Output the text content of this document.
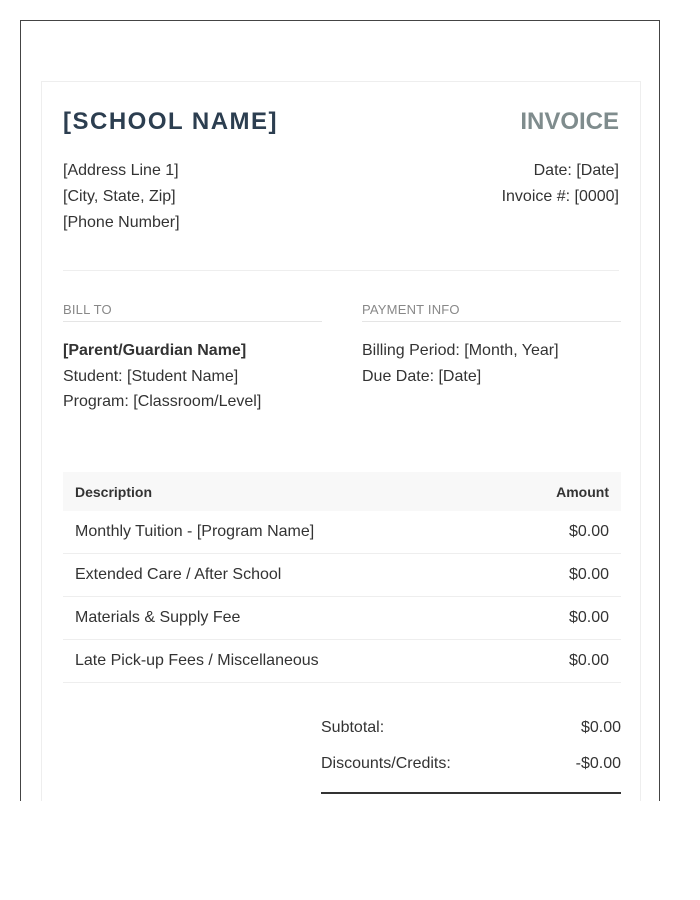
[SCHOOL NAME]	INVOICE
[Address Line 1]
[City, State, Zip]
[Phone Number]
Date: [Date]
Invoice #: [0000]
BILL TO
[Parent/Guardian Name]
Student: [Student Name]
Program: [Classroom/Level]
PAYMENT INFO
Billing Period: [Month, Year]
Due Date: [Date]
Description	Amount
Monthly Tuition - [Program Name]	$0.00
Extended Care / After School	$0.00
Materials & Supply Fee	$0.00
Late Pick-up Fees / Miscellaneous	$0.00
Subtotal:	$0.00
Discounts/Credits:	-$0.00
